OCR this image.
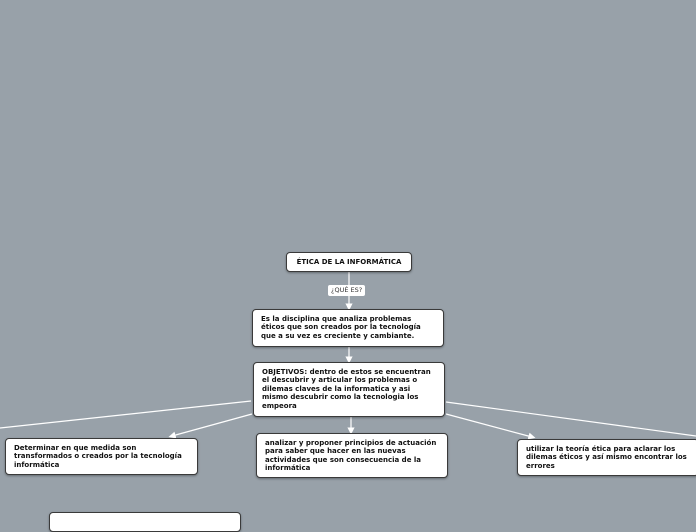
ÉTICA DE LA INFORMÁTICA
¿QUÉ ES?
Es la disciplina que analiza problemas éticos que son creados por la tecnología que a su vez es creciente y cambiante.
OBJETIVOS: dentro de estos se encuentran el descubrir y articular los problemas o dilemas claves de la informatica y asi mismo descubrir como la tecnologia los empeora
Determinar en que medida son transformados o creados por la tecnología informática
analizar y proponer principios de actuación para saber que hacer en las nuevas actividades que son consecuencia de la informática
utilizar la teoría ética para aclarar los dilemas éticos y así mismo encontrar los errores
